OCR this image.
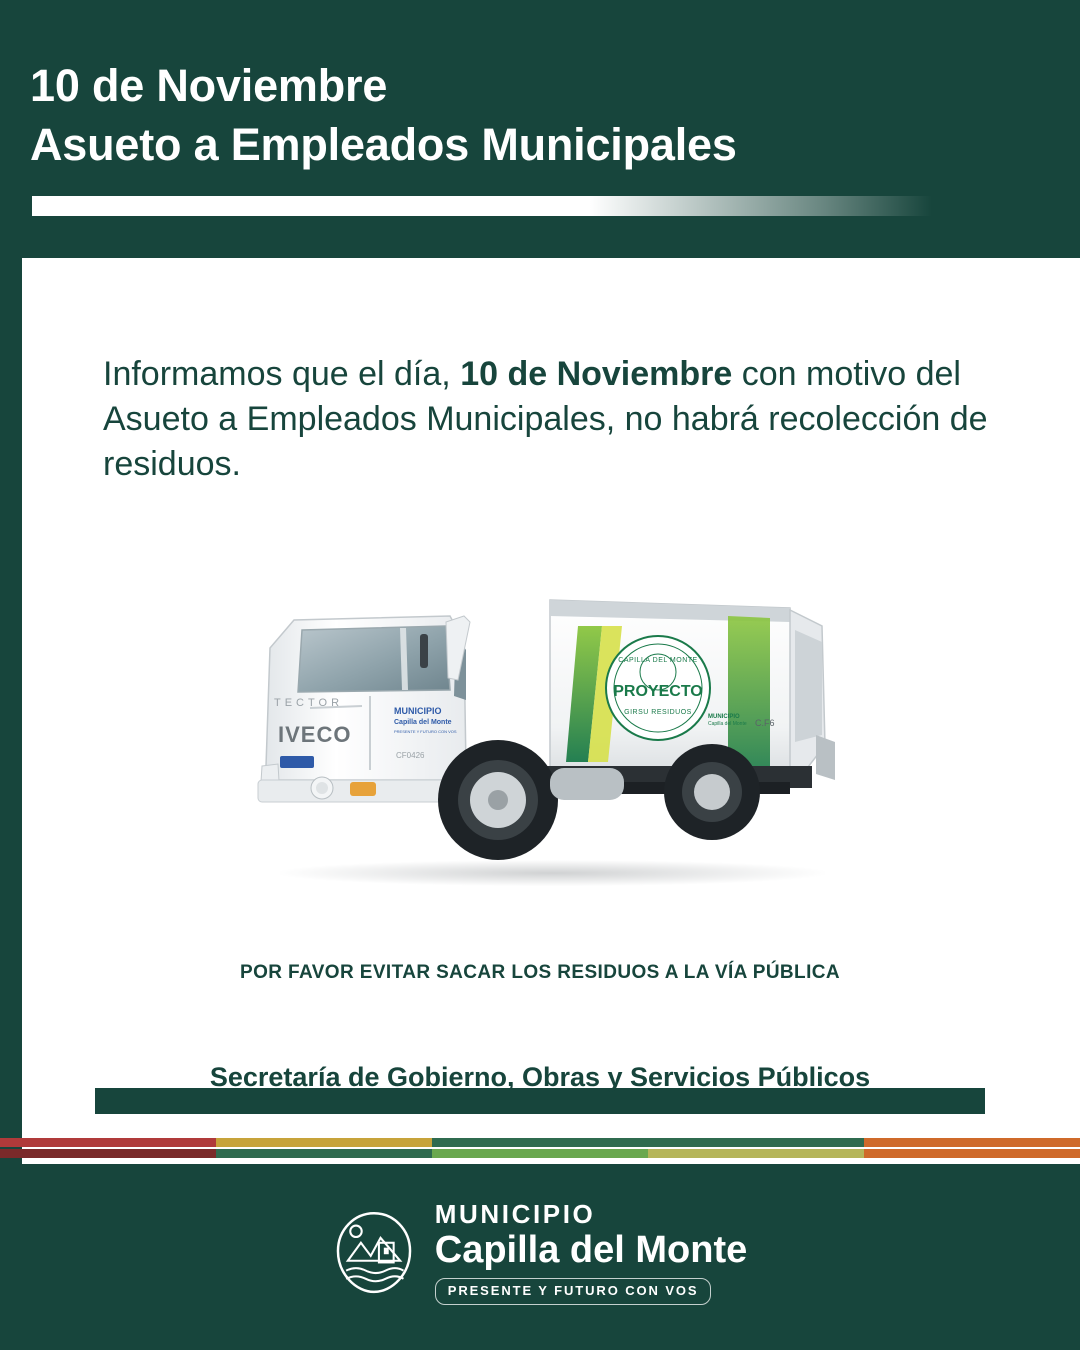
10 de Noviembre
Asueto a Empleados Municipales
Informamos que el día, 10 de Noviembre con motivo del Asueto a Empleados Municipales, no habrá recolección de residuos.
CAPILLA DEL MONTE
PROYECTO
GIRSU RESIDUOS
C.F6
MUNICIPIO
Capilla del Monte
TECTOR
IVECO
MUNICIPIO
Capilla del Monte
PRESENTE Y FUTURO CON VOS
CF0426
POR FAVOR EVITAR SACAR LOS RESIDUOS A LA VÍA PÚBLICA
Secretaría de Gobierno, Obras y Servicios Públicos
MUNICIPIO
Capilla del Monte
PRESENTE Y FUTURO CON VOS
